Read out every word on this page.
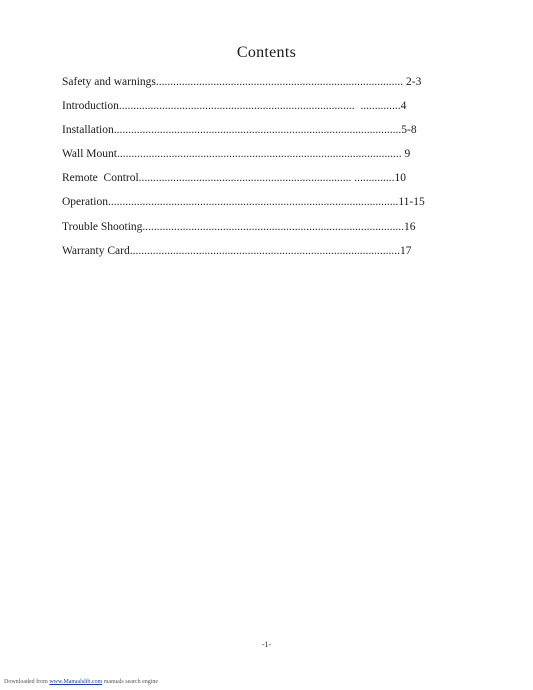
Contents
Safety and warnings...................................................................................... 2-3
Introduction..................................................................................  ..............4
Installation....................................................................................................5-8
Wall Mount................................................................................................... 9
Remote  Control.......................................................................... ..............10
Operation.....................................................................................................11-15
Trouble Shooting...........................................................................................16
Warranty Card..............................................................................................17
-1-
Downloaded from www.Manualslib.com manuals search engine
